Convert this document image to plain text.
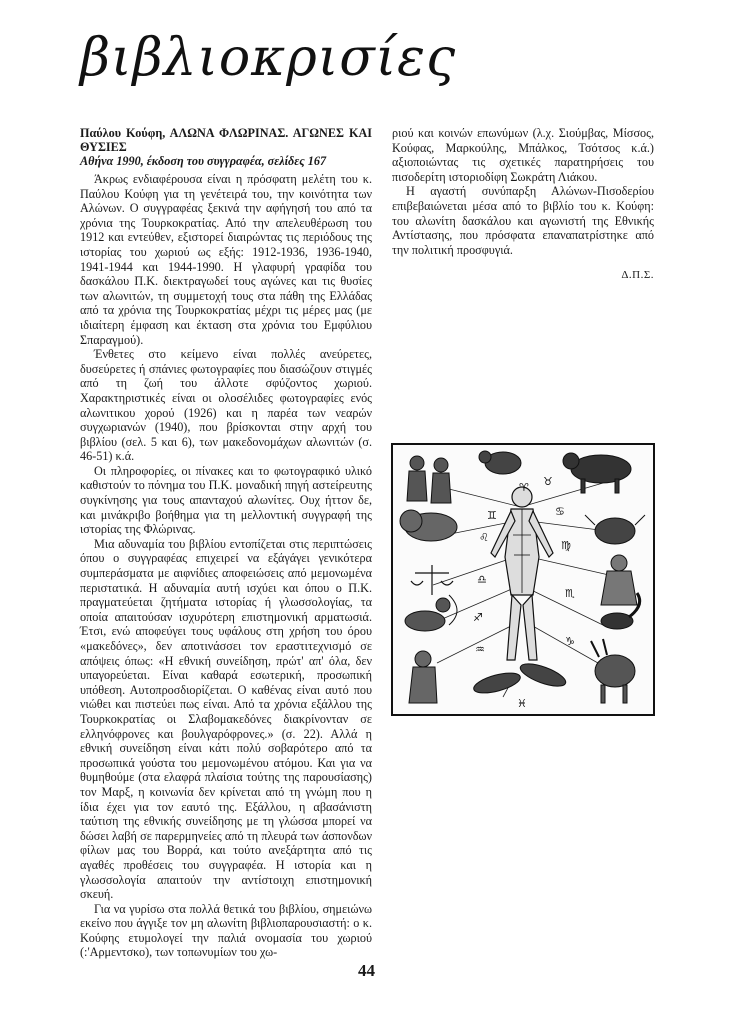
βιβλιοκρισίες
Παύλου Κούφη, ΑΛΩΝΑ ΦΛΩΡΙΝΑΣ. ΑΓΩΝΕΣ ΚΑΙ ΘΥΣΙΕΣ
Αθήνα 1990, έκδοση του συγγραφέα, σελίδες 167

Άκρως ενδιαφέρουσα είναι η πρόσφατη μελέτη του κ. Παύλου Κούφη για τη γενέτειρά του, την κοινότητα των Αλώνων. Ο συγγραφέας ξεκινά την αφήγησή του από τα χρόνια της Τουρκοκρατίας. Από την απελευθέρωση του 1912 και εντεύθεν, εξιστορεί διαιρώντας τις περιόδους της ιστορίας του χωριού ως εξής: 1912-1936, 1936-1940, 1941-1944 και 1944-1990. Η γλαφυρή γραφίδα του δασκάλου Π.Κ. διεκτραγωδεί τους αγώνες και τις θυσίες των αλωνιτών, τη συμμετοχή τους στα πάθη της Ελλάδας από τα χρόνια της Τουρκοκρατίας μέχρι τις μέρες μας (με ιδιαίτερη έμφαση και έκταση στα χρόνια του Εμφύλιου Σπαραγμού).

Ένθετες στο κείμενο είναι πολλές ανεύρετες, δυσεύρετες ή σπάνιες φωτογραφίες που διασώζουν στιγμές από τη ζωή του άλλοτε σφύζοντος χωριού. Χαρακτηριστικές είναι οι ολοσέλιδες φωτογραφίες ενός αλωνιτικου χορού (1926) και η παρέα των νεαρών συγχωριανών (1940), που βρίσκονται στην αρχή του βιβλίου (σελ. 5 και 6), των μακεδονομάχων αλωνιτών (σ. 46-51) κ.ά.

Οι πληροφορίες, οι πίνακες και το φωτογραφικό υλικό καθιστούν το πόνημα του Π.Κ. μοναδική πηγή αστείρευτης συγκίνησης για τους απανταχού αλωνίτες. Ουχ ήττον δε, και μινάκριβο βοήθημα για τη μελλοντική συγγραφή της ιστορίας της Φλώρινας.

Μια αδυναμία του βιβλίου εντοπίζεται στις περιπτώσεις όπου ο συγγραφέας επιχειρεί να εξάγάγει γενικότερα συμπεράσματα με αιφνίδιες αποφειώσεις από μεμονωμένα περιστατικά. Η αδυναμία αυτή ισχύει και όπου ο Π.Κ. πραγματεύεται ζητήματα ιστορίας ή γλωσσολογίας, τα οποία απαιτούσαν ισχυρότερη επιστημονική αρματωσιά. Έτσι, ενώ αποφεύγει τους υφάλους στη χρήση του όρου «μακεδόνες», δεν αποτινάσσει τον εραστιτεχνισμό σε απόψεις όπως: «Η εθνική συνείδηση, πρώτ' απ' όλα, δεν υπαγορεύεται. Είναι καθαρά εσωτερική, προσωπική υπόθεση. Αυτοπροσδιορίζεται. Ο καθένας είναι αυτό που νιώθει και πιστεύει πως είναι. Από τα χρόνια εξάλλου της Τουρκοκρατίας οι Σλαβομακεδόνες διακρίνονταν σε ελληνόφρονες και βουλγαρόφρονες.» (σ. 22). Αλλά η εθνική συνείδηση είναι κάτι πολύ σοβαρότερο από τα προσωπικά γούστα του μεμονωμένου ατόμου. Και για να θυμηθούμε (στα ελαφρά πλαίσια τούτης της παρουσίασης) τον Μαρξ, η κοινωνία δεν κρίνεται από τη γνώμη που η ίδια έχει για τον εαυτό της. Εξάλλου, η αβασάνιστη ταύτιση της εθνικής συνείδησης με τη γλώσσα μπορεί να δώσει λαβή σε παρερμηνείες από τη πλευρά των άσπονδων φίλων μας του Βορρά, και τούτο ανεξάρτητα από τις αγαθές προθέσεις του συγγραφέα. Η ιστορία και η γλωσσολογία απαιτούν την αντίστοιχη επιστημονική σκευή.

Για να γυρίσω στα πολλά θετικά του βιβλίου, σημειώνω εκείνο που άγγιξε τον μη αλωνίτη βιβλιοπαρουσιαστή: ο κ. Κούφης ετυμολογεί την παλιά ονομασία του χωριού (:'Αρμεντσκο), των τοπωνυμίων του χω-

ριού και κοινών επωνύμων (λ.χ. Σιούμβας, Μίσσος, Κούφας, Μαρκούλης, Μπάλκος, Τσότσος κ.ά.) αξιοποιώντας τις σχετικές παρατηρήσεις του πισοδερίτη ιστοριοδίφη Σωκράτη Λιάκου.

Η αγαστή συνύπαρξη Αλώνων-Πισοδερίου επιβεβαιώνεται μέσα από το βιβλίο του κ. Κούφη: του αλωνίτη δασκάλου και αγωνιστή της Εθνικής Αντίστασης, που πρόσφατα επαναπατρίστηκε από την πολιτική προσφυγιά.

Δ.Π.Σ.
♈
♊	♋
♌
♍
♎
♏
♐
♑
♒
♓
♉
44
